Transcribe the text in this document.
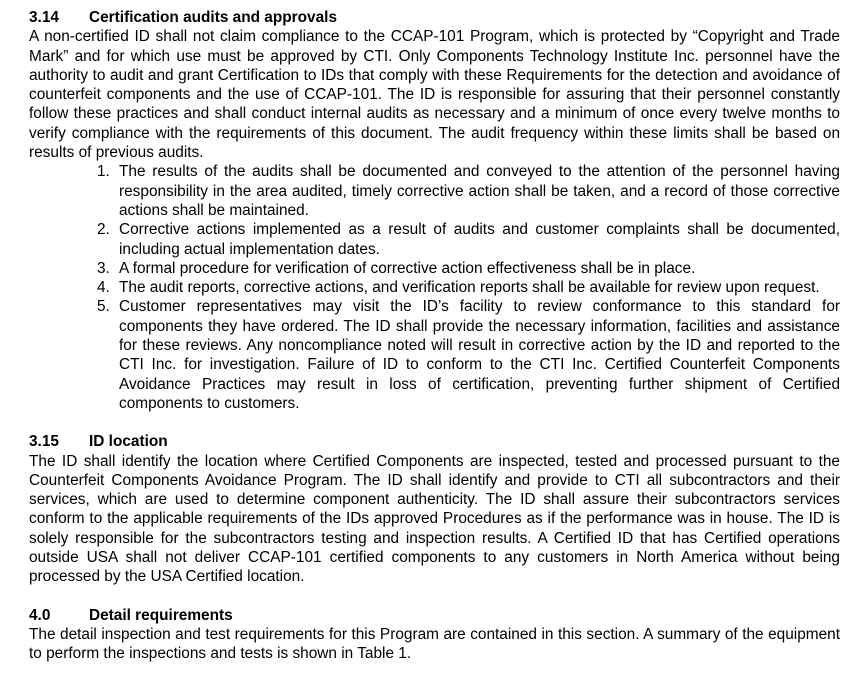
3.14	Certification audits and approvals

A non-certified ID shall not claim compliance to the CCAP-101 Program, which is protected by “Copyright and Trade Mark” and for which use must be approved by CTI. Only Components Technology Institute Inc. personnel have the authority to audit and grant Certification to IDs that comply with these Requirements for the detection and avoidance of counterfeit components and the use of CCAP-101. The ID is responsible for assuring that their personnel constantly follow these practices and shall conduct internal audits as necessary and a minimum of once every twelve months to verify compliance with the requirements of this document. The audit frequency within these limits shall be based on results of previous audits.

1. The results of the audits shall be documented and conveyed to the attention of the personnel having responsibility in the area audited, timely corrective action shall be taken, and a record of those corrective actions shall be maintained.
2. Corrective actions implemented as a result of audits and customer complaints shall be documented, including actual implementation dates.
3. A formal procedure for verification of corrective action effectiveness shall be in place.
4. The audit reports, corrective actions, and verification reports shall be available for review upon request.
5. Customer representatives may visit the ID’s facility to review conformance to this standard for components they have ordered. The ID shall provide the necessary information, facilities and assistance for these reviews. Any noncompliance noted will result in corrective action by the ID and reported to the CTI Inc. for investigation. Failure of ID to conform to the CTI Inc. Certified Counterfeit Components Avoidance Practices may result in loss of certification, preventing further shipment of Certified components to customers.
3.15	ID location

The ID shall identify the location where Certified Components are inspected, tested and processed pursuant to the Counterfeit Components Avoidance Program. The ID shall identify and provide to CTI all subcontractors and their services, which are used to determine component authenticity. The ID shall assure their subcontractors services conform to the applicable requirements of the IDs approved Procedures as if the performance was in house. The ID is solely responsible for the subcontractors testing and inspection results. A Certified ID that has Certified operations outside USA shall not deliver CCAP-101 certified components to any customers in North America without being processed by the USA Certified location.

4.0	Detail requirements

The detail inspection and test requirements for this Program are contained in this section. A summary of the equipment to perform the inspections and tests is shown in Table 1.
